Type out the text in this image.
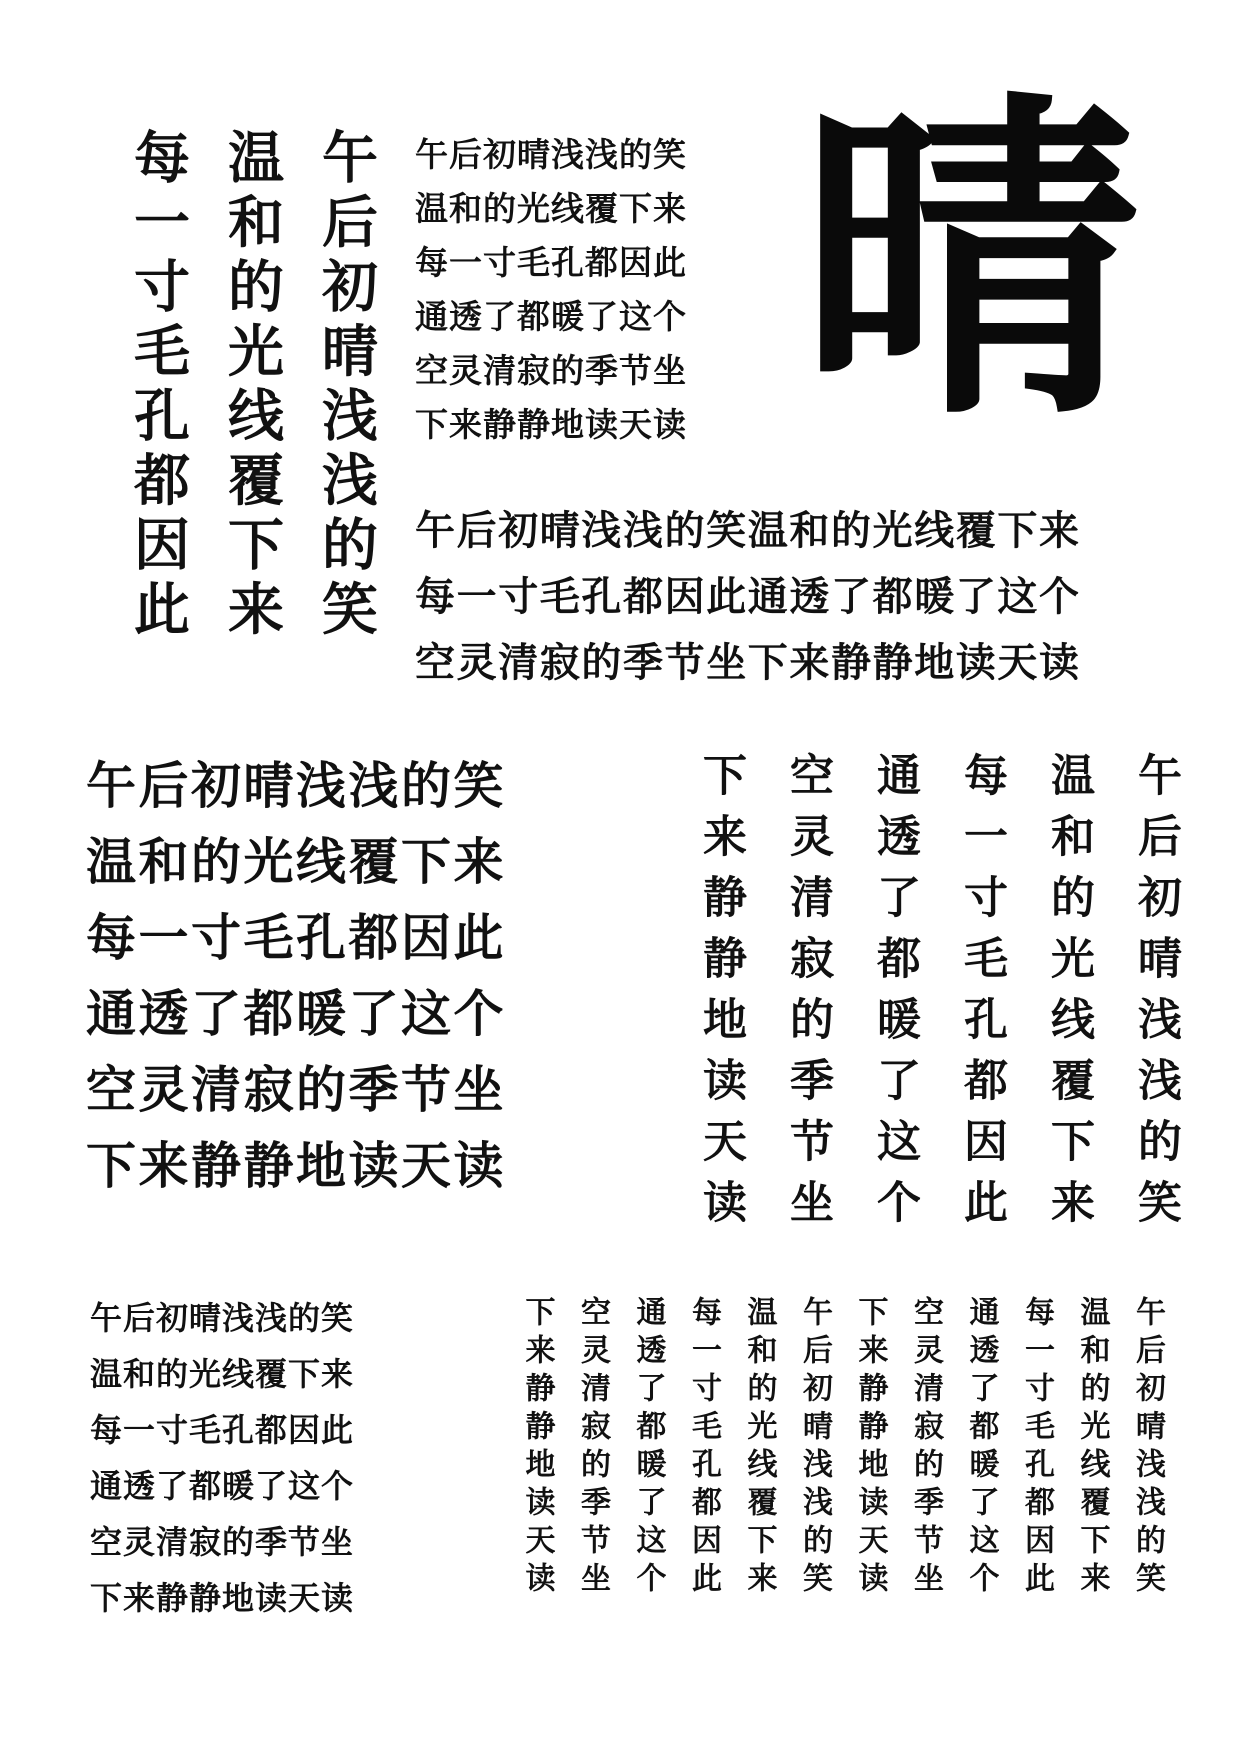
午后初晴浅浅的笑
温和的光线覆下来
每一寸毛孔都因此	午后初晴浅浅的笑
温和的光线覆下来
每一寸毛孔都因此
通透了都暖了这个
空灵清寂的季节坐
下来静静地读天读 晴
午后初晴浅浅的笑温和的光线覆下来
每一寸毛孔都因此通透了都暖了这个
空灵清寂的季节坐下来静静地读天读
午后初晴浅浅的笑
温和的光线覆下来
每一寸毛孔都因此
通透了都暖了这个
空灵清寂的季节坐
下来静静地读天读	午后初晴浅浅的笑
温和的光线覆下来
每一寸毛孔都因此
通透了都暖了这个
空灵清寂的季节坐
下来静静地读天读
午后初晴浅浅的笑
温和的光线覆下来
每一寸毛孔都因此
通透了都暖了这个
空灵清寂的季节坐
下来静静地读天读	午后初晴浅浅的笑
温和的光线覆下来
每一寸毛孔都因此
通透了都暖了这个
空灵清寂的季节坐
下来静静地读天读
午后初晴浅浅的笑
温和的光线覆下来
每一寸毛孔都因此
通透了都暖了这个
空灵清寂的季节坐
下来静静地读天读
